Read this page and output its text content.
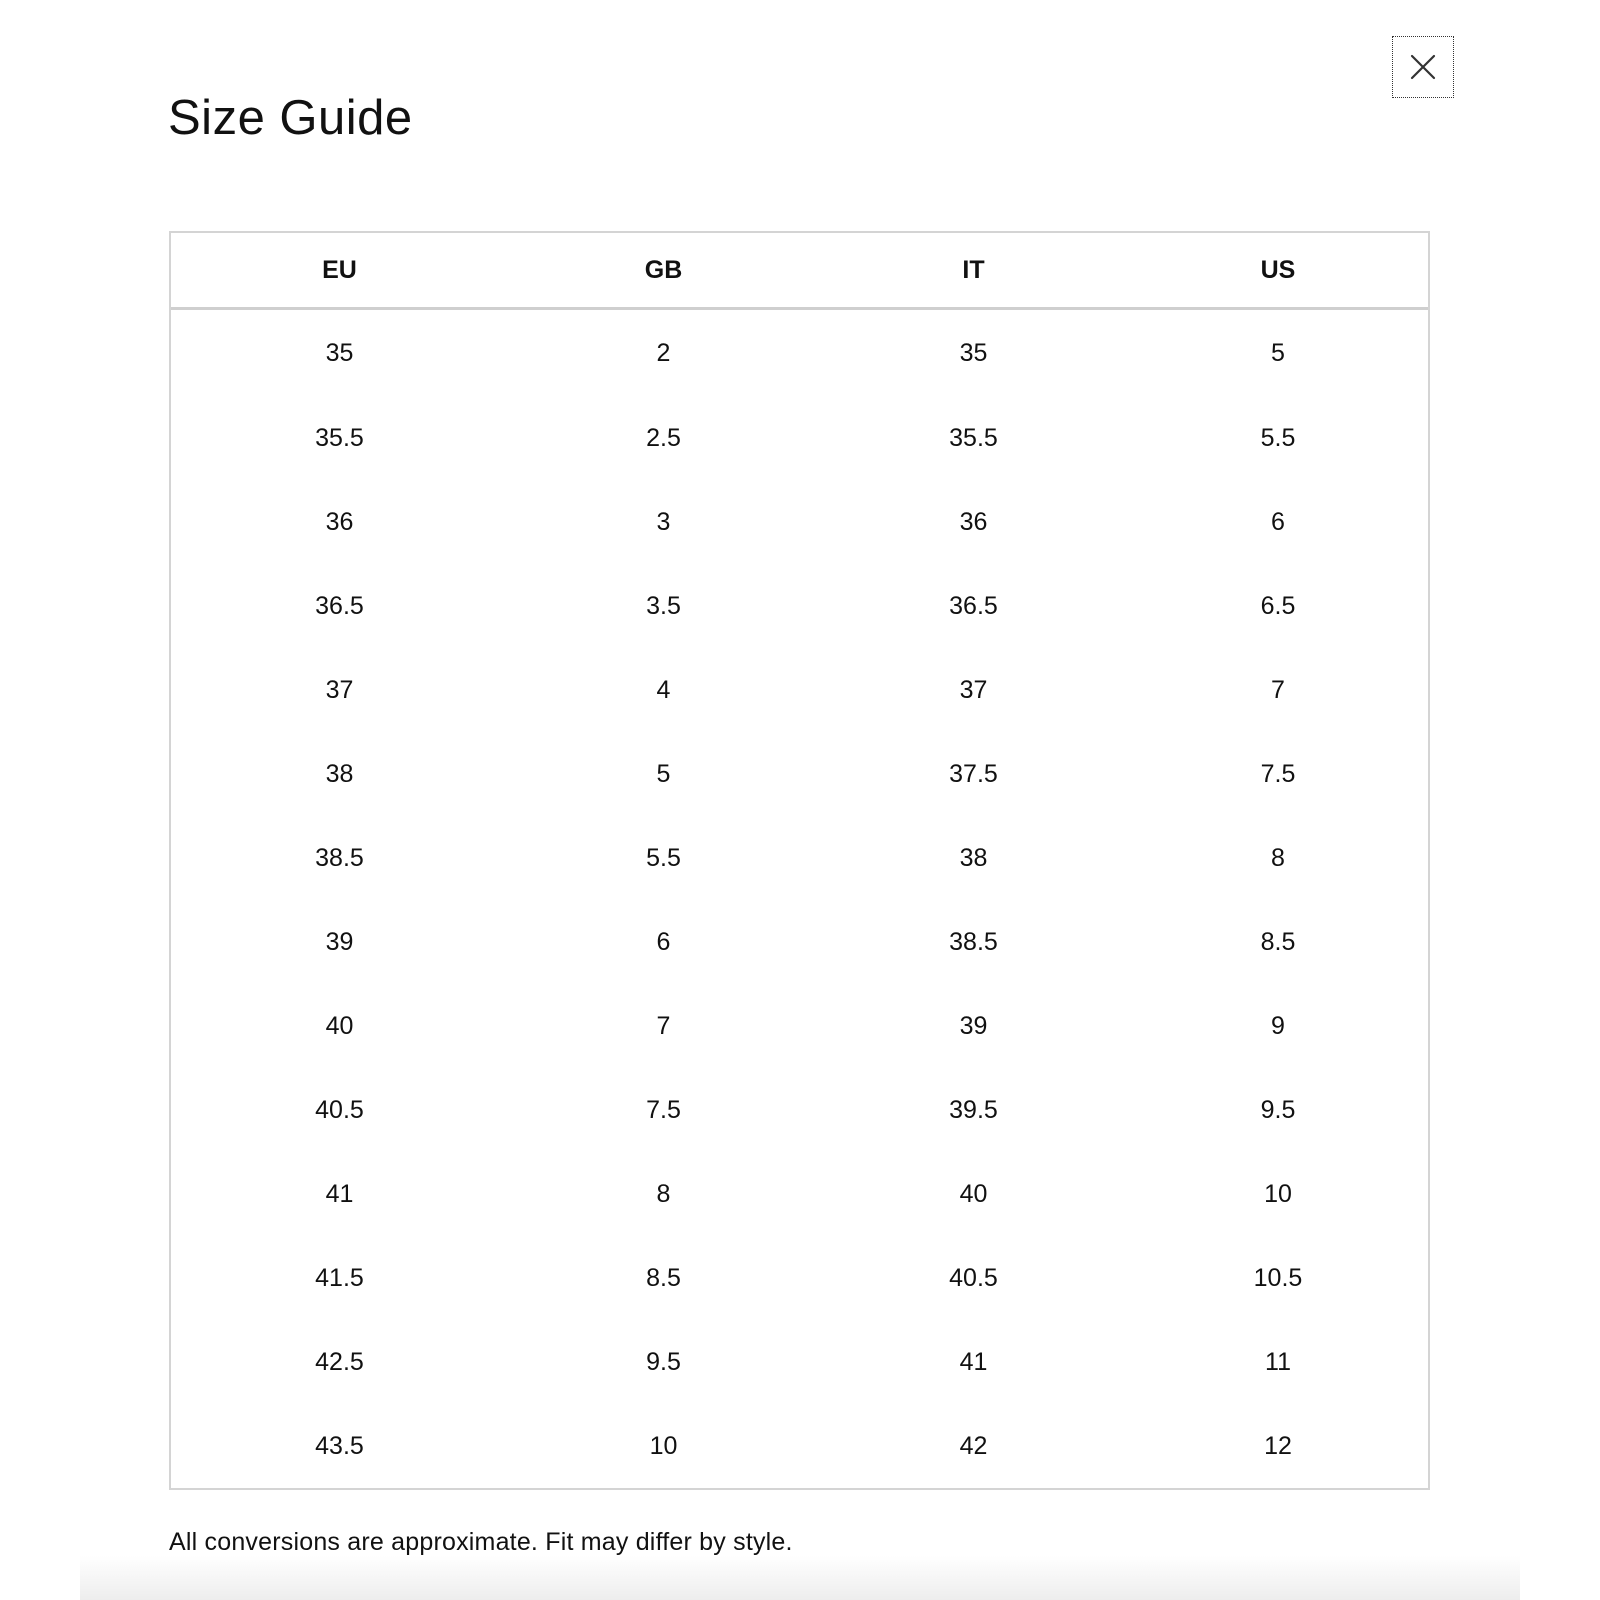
Size Guide
EU	GB	IT	US
35	2	35	5
35.5	2.5	35.5	5.5
36	3	36	6
36.5	3.5	36.5	6.5
37	4	37	7
38	5	37.5	7.5
38.5	5.5	38	8
39	6	38.5	8.5
40	7	39	9
40.5	7.5	39.5	9.5
41	8	40	10
41.5	8.5	40.5	10.5
42.5	9.5	41	11
43.5	10	42	12

All conversions are approximate. Fit may differ by style.
